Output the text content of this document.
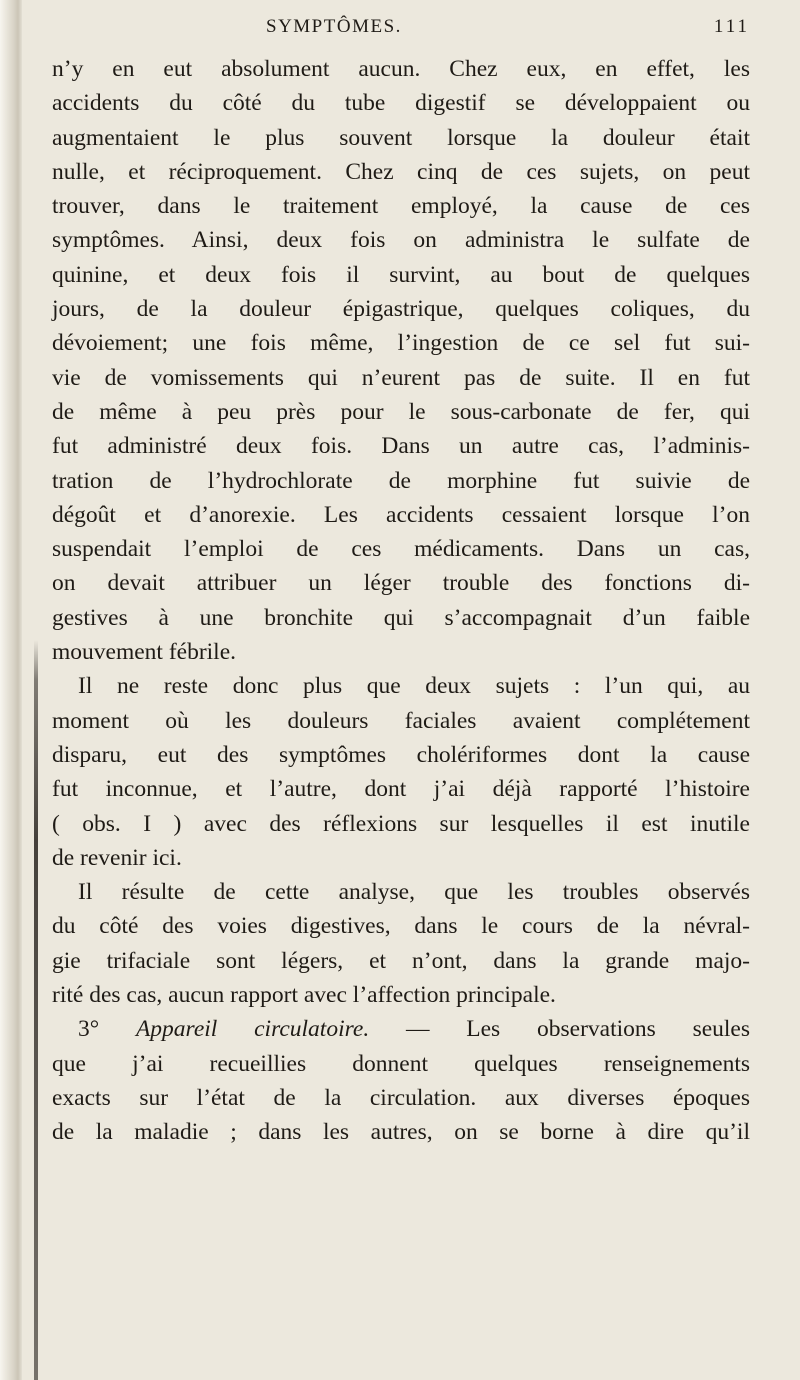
SYMPTÔMES.	111
n’y en eut absolument aucun. Chez eux, en effet, les
accidents du côté du tube digestif se développaient ou
augmentaient le plus souvent lorsque la douleur était
nulle, et réciproquement. Chez cinq de ces sujets, on peut
trouver, dans le traitement employé, la cause de ces
symptômes. Ainsi, deux fois on administra le sulfate de
quinine, et deux fois il survint, au bout de quelques
jours, de la douleur épigastrique, quelques coliques, du
dévoiement; une fois même, l’ingestion de ce sel fut sui-
vie de vomissements qui n’eurent pas de suite. Il en fut
de même à peu près pour le sous-carbonate de fer, qui
fut administré deux fois. Dans un autre cas, l’adminis-
tration de l’hydrochlorate de morphine fut suivie de
dégoût et d’anorexie. Les accidents cessaient lorsque l’on
suspendait l’emploi de ces médicaments. Dans un cas,
on devait attribuer un léger trouble des fonctions di-
gestives à une bronchite qui s’accompagnait d’un faible
mouvement fébrile.
Il ne reste donc plus que deux sujets : l’un qui, au
moment où les douleurs faciales avaient complétement
disparu, eut des symptômes cholériformes dont la cause
fut inconnue, et l’autre, dont j’ai déjà rapporté l’histoire
( obs. I ) avec des réflexions sur lesquelles il est inutile
de revenir ici.
Il résulte de cette analyse, que les troubles observés
du côté des voies digestives, dans le cours de la névral-
gie trifaciale sont légers, et n’ont, dans la grande majo-
rité des cas, aucun rapport avec l’affection principale.
3° Appareil circulatoire. — Les observations seules
que j’ai recueillies donnent quelques renseignements
exacts sur l’état de la circulation. aux diverses époques
de la maladie ; dans les autres, on se borne à dire qu’il
